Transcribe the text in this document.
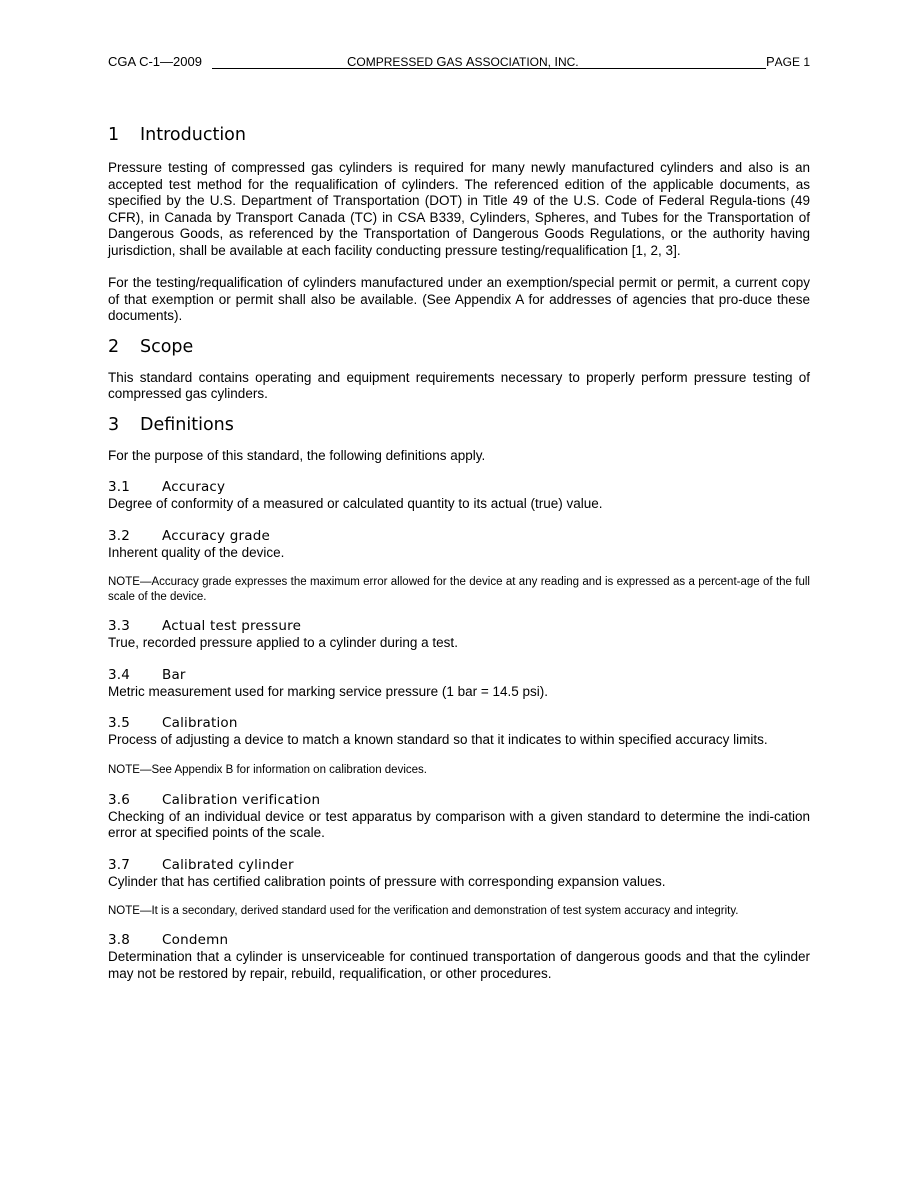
CGA C-1—2009	COMPRESSED GAS ASSOCIATION, INC.	PAGE 1
1 Introduction

Pressure testing of compressed gas cylinders is required for many newly manufactured cylinders and also is an accepted test method for the requalification of cylinders. The referenced edition of the applicable documents, as specified by the U.S. Department of Transportation (DOT) in Title 49 of the U.S. Code of Federal Regula-tions (49 CFR), in Canada by Transport Canada (TC) in CSA B339, Cylinders, Spheres, and Tubes for the Transportation of Dangerous Goods, as referenced by the Transportation of Dangerous Goods Regulations, or the authority having jurisdiction, shall be available at each facility conducting pressure testing/requalification [1, 2, 3].

For the testing/requalification of cylinders manufactured under an exemption/special permit or permit, a current copy of that exemption or permit shall also be available. (See Appendix A for addresses of agencies that pro-duce these documents).

2 Scope

This standard contains operating and equipment requirements necessary to properly perform pressure testing of compressed gas cylinders.

3 Definitions

For the purpose of this standard, the following definitions apply.

3.1 Accuracy

Degree of conformity of a measured or calculated quantity to its actual (true) value.

3.2 Accuracy grade

Inherent quality of the device.

NOTE—Accuracy grade expresses the maximum error allowed for the device at any reading and is expressed as a percent-age of the full scale of the device.

3.3 Actual test pressure

True, recorded pressure applied to a cylinder during a test.

3.4 Bar

Metric measurement used for marking service pressure (1 bar = 14.5 psi).

3.5 Calibration

Process of adjusting a device to match a known standard so that it indicates to within specified accuracy limits.

NOTE—See Appendix B for information on calibration devices.

3.6 Calibration verification

Checking of an individual device or test apparatus by comparison with a given standard to determine the indi-cation error at specified points of the scale.

3.7 Calibrated cylinder

Cylinder that has certified calibration points of pressure with corresponding expansion values.

NOTE—It is a secondary, derived standard used for the verification and demonstration of test system accuracy and integrity.

3.8 Condemn

Determination that a cylinder is unserviceable for continued transportation of dangerous goods and that the cylinder may not be restored by repair, rebuild, requalification, or other procedures.
